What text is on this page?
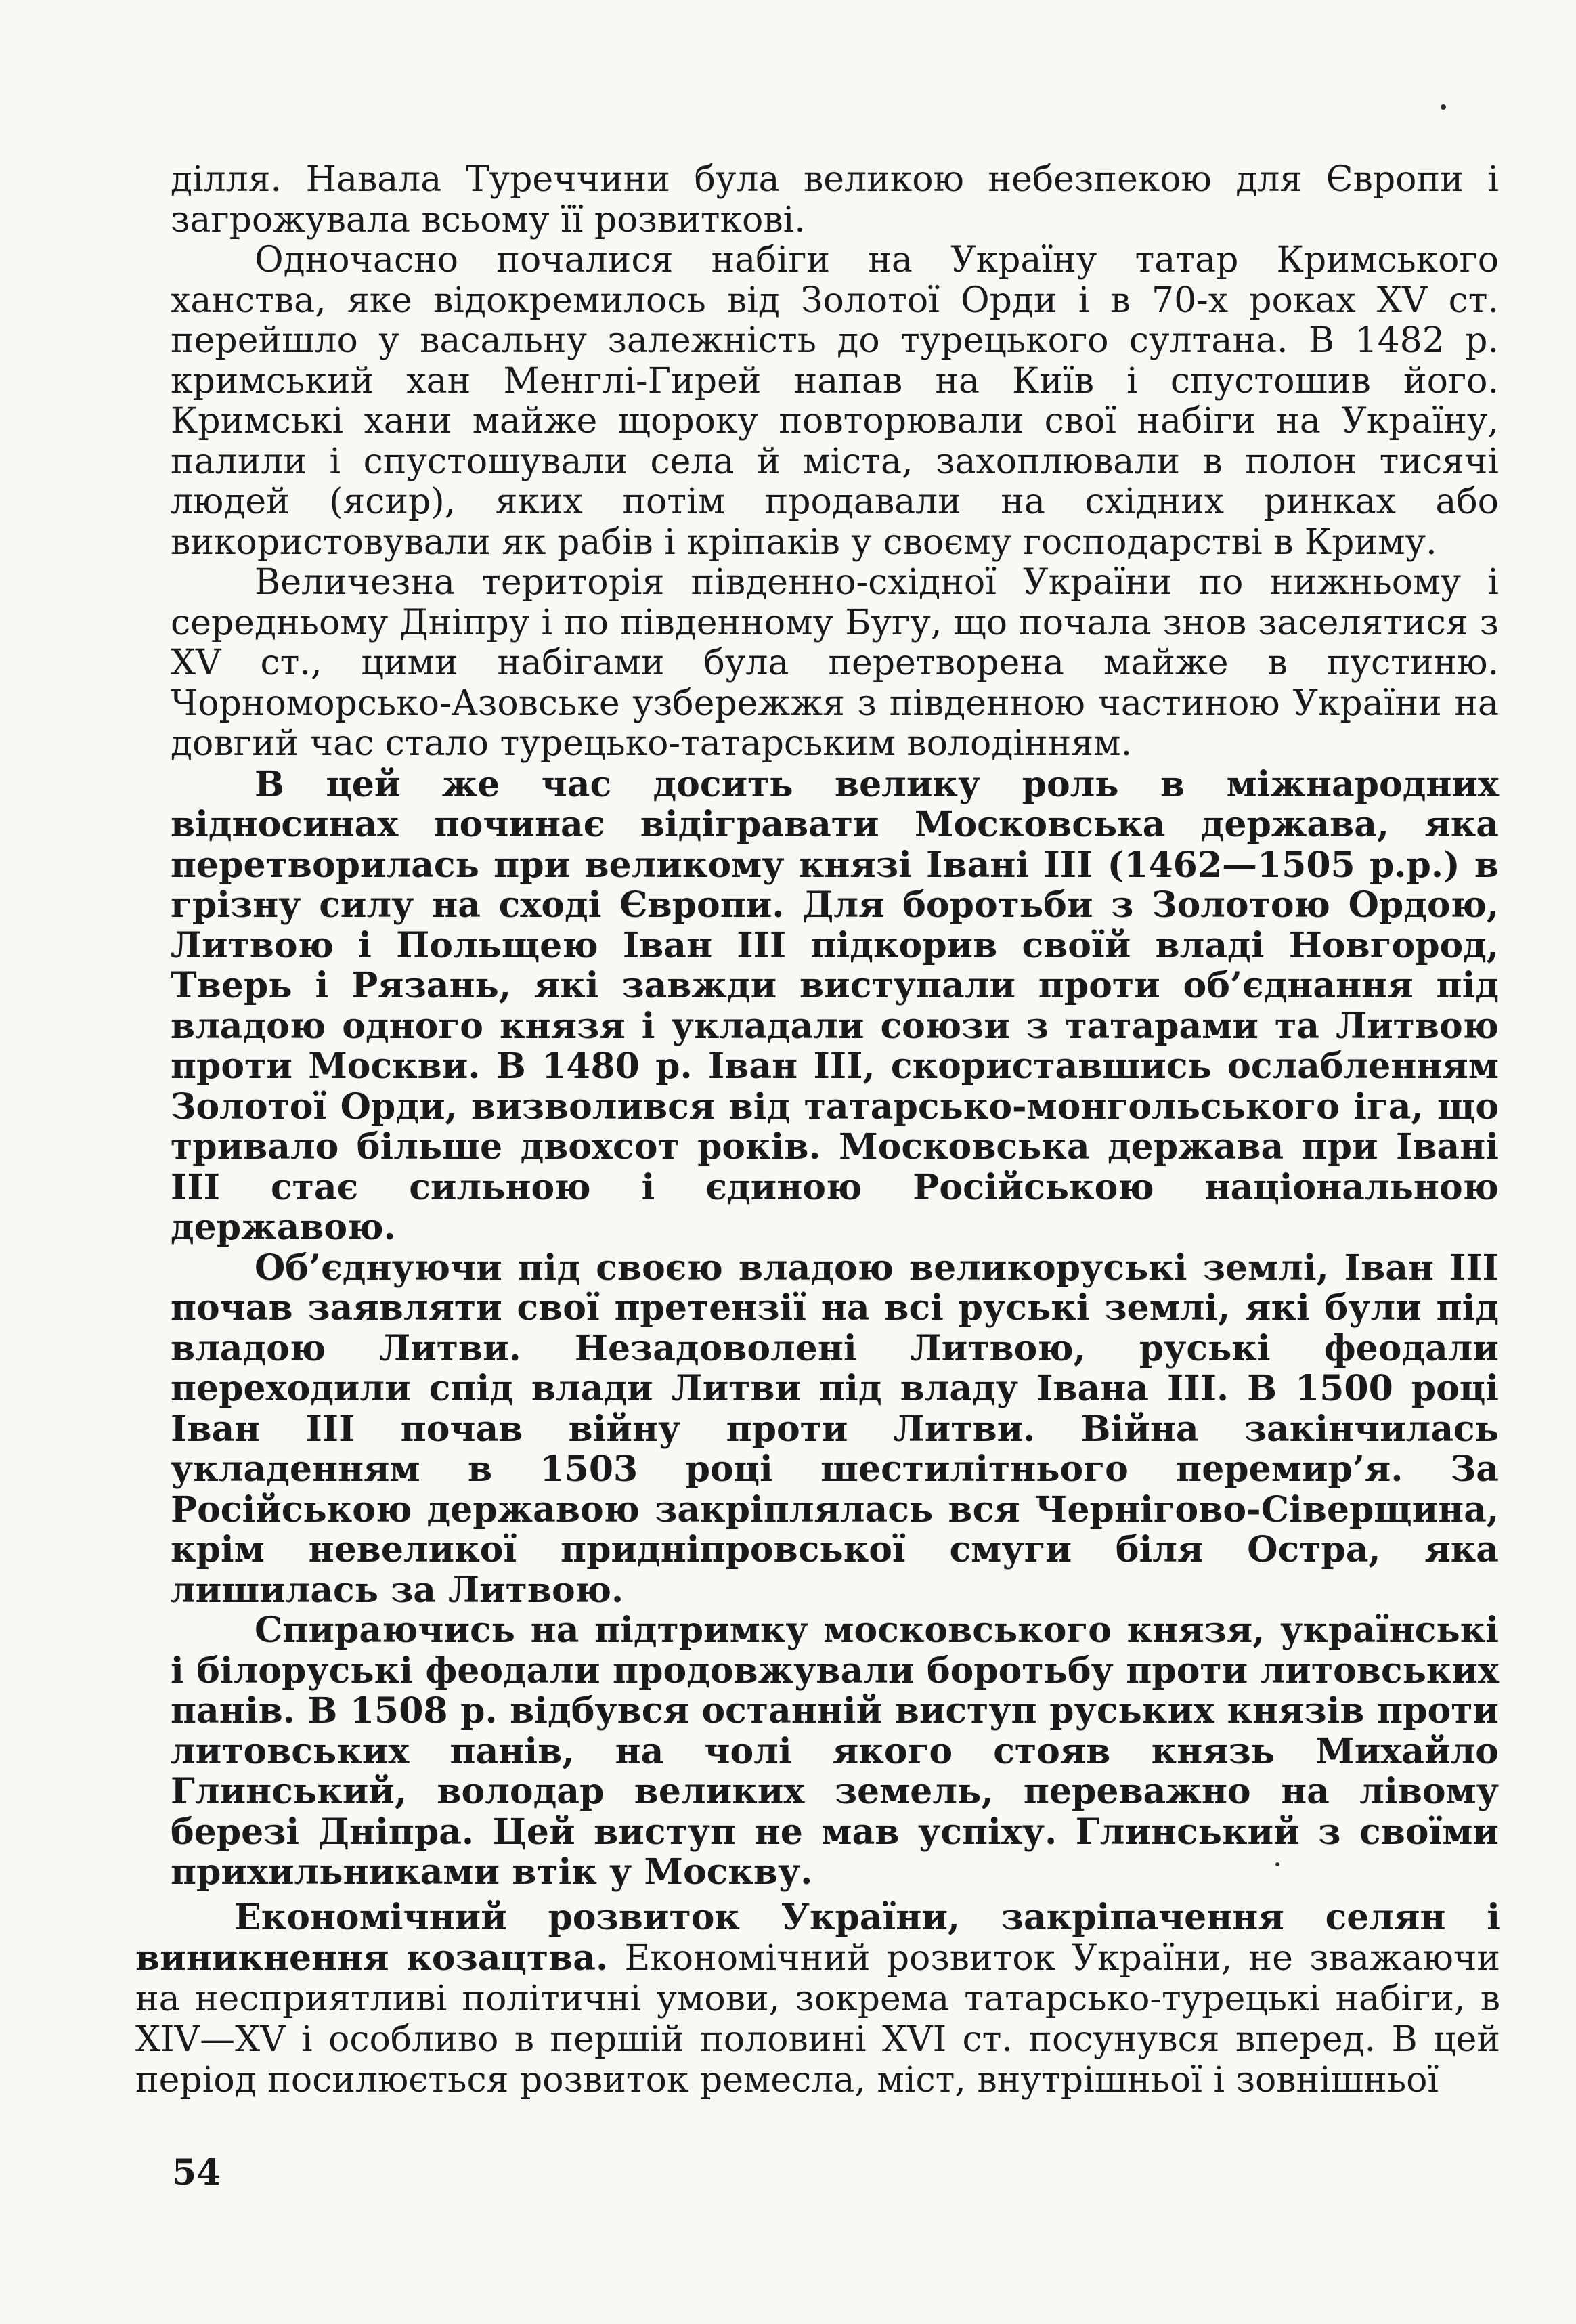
ділля. Навала Туреччини була великою небезпекою для Європи і загрожувала всьому її розвиткові.

Одночасно почалися набіги на Україну татар Кримського ханства, яке відокремилось від Золотої Орди і в 70-х роках XV ст. перейшло у васальну залежність до турецького султана. В 1482 р. кримський хан Менглі-Гирей напав на Київ і спустошив його. Кримські хани майже щороку повторювали свої набіги на Україну, палили і спустошували села й міста, захоплювали в полон тисячі людей (ясир), яких потім продавали на східних ринках або використовували як рабів і кріпаків у своєму господарстві в Криму.

Величезна територія південно-східної України по нижньому і середньому Дніпру і по південному Бугу, що почала знов заселятися з XV ст., цими набігами була перетворена майже в пустиню. Чорноморсько-Азовське узбережжя з південною частиною України на довгий час стало турецько-татарським володінням.

В цей же час досить велику роль в міжнародних відносинах починає відігравати Московська держава, яка перетворилась при великому князі Івані III (1462—1505 р.р.) в грізну силу на сході Європи. Для боротьби з Золотою Ордою, Литвою і Польщею Іван III підкорив своїй владі Новгород, Тверь і Рязань, які завжди виступали проти об’єднання під владою одного князя і укладали союзи з татарами та Литвою проти Москви. В 1480 р. Іван III, скориставшись ослабленням Золотої Орди, визволився від татарсько-монгольського іга, що тривало більше двохсот років. Московська держава при Івані III стає сильною і єдиною Російською національною державою.

Об’єднуючи під своєю владою великоруські землі, Іван III почав заявляти свої претензії на всі руські землі, які були під владою Литви. Незадоволені Литвою, руські феодали переходили спід влади Литви під владу Івана III. В 1500 році Іван III почав війну проти Литви. Війна закінчилась укладенням в 1503 році шестилітнього перемир’я. За Російською державою закріплялась вся Чернігово-Сіверщина, крім невеликої придніпровської смуги біля Остра, яка лишилась за Литвою.

Спираючись на підтримку московського князя, українські і білоруські феодали продовжували боротьбу проти литовських панів. В 1508 р. відбувся останній виступ руських князів проти литовських панів, на чолі якого стояв князь Михайло Глинський, володар великих земель, переважно на лівому березі Дніпра. Цей виступ не мав успіху. Глинський з своїми прихильниками втік у Москву.

Економічний розвиток України, закріпачення селян і виникнення козацтва. Економічний розвиток України, не зважаючи на несприятливі політичні умови, зокрема татарсько-турецькі набіги, в XIV—XV і особливо в першій половині XVI ст. посунувся вперед. В цей період посилюється розвиток ремесла, міст, внутрішньої і зовнішньої

54
